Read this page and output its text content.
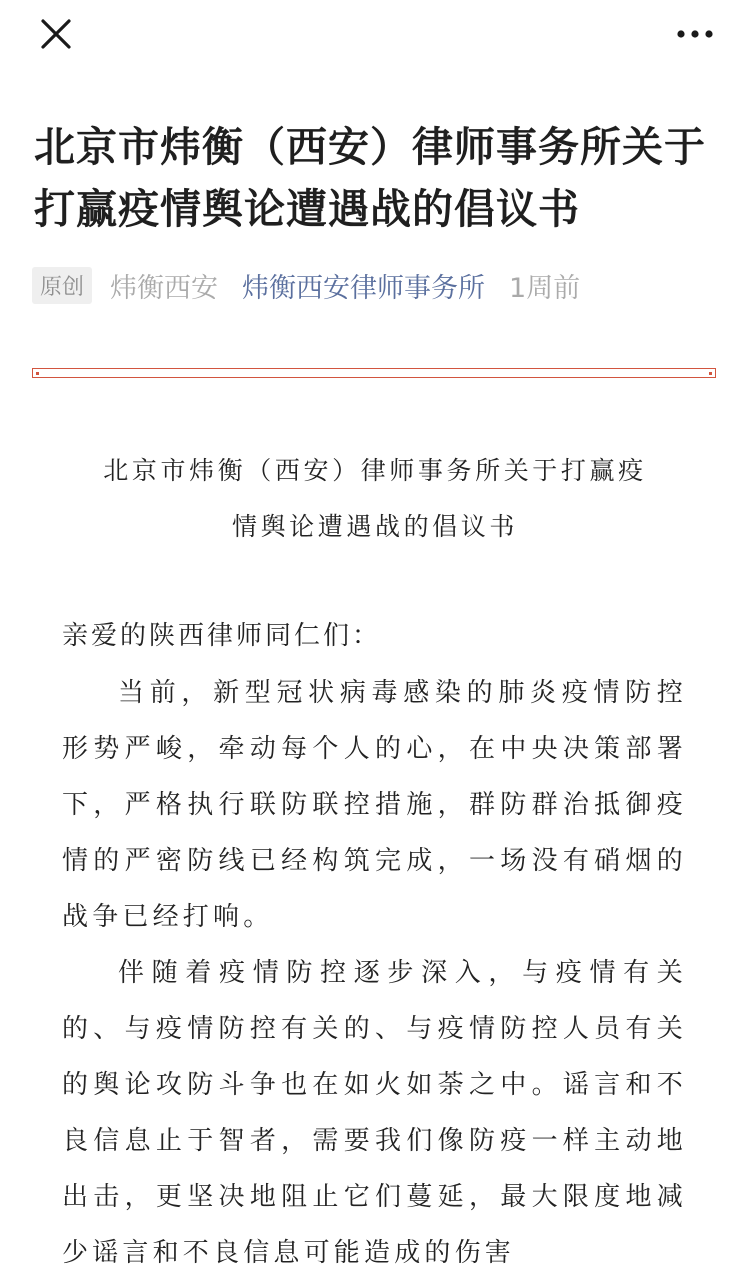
北京市炜衡（西安）律师事务所关于打赢疫情舆论遭遇战的倡议书
原创 炜衡西安 炜衡西安律师事务所 1周前
北京市炜衡（西安）律师事务所关于打赢疫
情舆论遭遇战的倡议书

亲爱的陕西律师同仁们：

当前，新型冠状病毒感染的肺炎疫情防控形势严峻，牵动每个人的心，在中央决策部署下，严格执行联防联控措施，群防群治抵御疫情的严密防线已经构筑完成，一场没有硝烟的战争已经打响。

伴随着疫情防控逐步深入，与疫情有关的、与疫情防控有关的、与疫情防控人员有关的舆论攻防斗争也在如火如荼之中。谣言和不良信息止于智者，需要我们像防疫一样主动地出击，更坚决地阻止它们蔓延，最大限度地减少谣言和不良信息可能造成的伤害
